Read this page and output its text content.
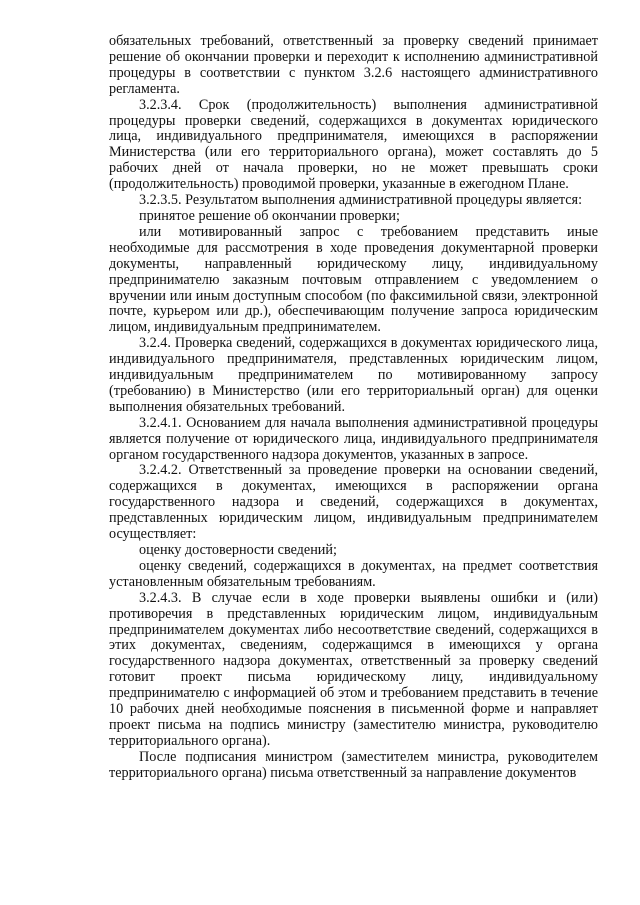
обязательных требований, ответственный за проверку сведений принимает решение об окончании проверки и переходит к исполнению административной процедуры в соответствии с пунктом 3.2.6 настоящего административного регламента.

3.2.3.4. Срок (продолжительность) выполнения административной процедуры проверки сведений, содержащихся в документах юридического лица, индивидуального предпринимателя, имеющихся в распоряжении Министерства (или его территориального органа), может составлять до 5 рабочих дней от начала проверки, но не может превышать сроки (продолжительность) проводимой проверки, указанные в ежегодном Плане.

3.2.3.5. Результатом выполнения административной процедуры является:

принятое решение об окончании проверки;

или мотивированный запрос с требованием представить иные необходимые для рассмотрения в ходе проведения документарной проверки документы, направленный юридическому лицу, индивидуальному предпринимателю заказным почтовым отправлением с уведомлением о вручении или иным доступным способом (по факсимильной связи, электронной почте, курьером или др.), обеспечивающим получение запроса юридическим лицом, индивидуальным предпринимателем.

3.2.4. Проверка сведений, содержащихся в документах юридического лица, индивидуального предпринимателя, представленных юридическим лицом, индивидуальным предпринимателем по мотивированному запросу (требованию) в Министерство (или его территориальный орган) для оценки выполнения обязательных требований.

3.2.4.1. Основанием для начала выполнения административной процедуры является получение от юридического лица, индивидуального предпринимателя органом государственного надзора документов, указанных в запросе.

3.2.4.2. Ответственный за проведение проверки на основании сведений, содержащихся в документах, имеющихся в распоряжении органа государственного надзора и сведений, содержащихся в документах, представленных юридическим лицом, индивидуальным предпринимателем осуществляет:

оценку достоверности сведений;

оценку сведений, содержащихся в документах, на предмет соответствия установленным обязательным требованиям.

3.2.4.3. В случае если в ходе проверки выявлены ошибки и (или) противоречия в представленных юридическим лицом, индивидуальным предпринимателем документах либо несоответствие сведений, содержащихся в этих документах, сведениям, содержащимся в имеющихся у органа государственного надзора документах, ответственный за проверку сведений готовит проект письма юридическому лицу, индивидуальному предпринимателю с информацией об этом и требованием представить в течение 10 рабочих дней необходимые пояснения в письменной форме и направляет проект письма на подпись министру (заместителю министра, руководителю территориального органа).

После подписания министром (заместителем министра, руководителем территориального органа) письма ответственный за направление документов
